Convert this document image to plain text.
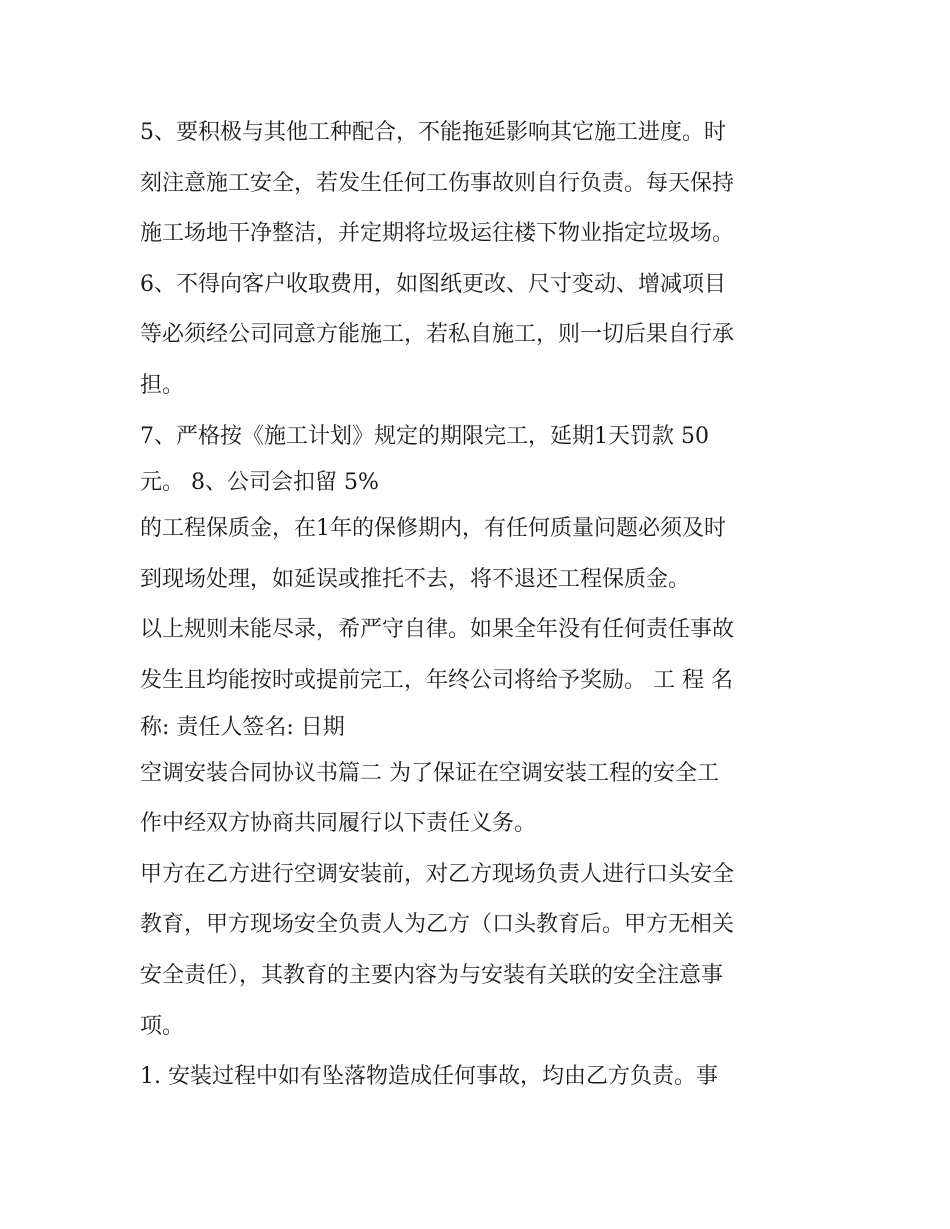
5、要积极与其他工种配合，不能拖延影响其它施工进度。时
刻注意施工安全，若发生任何工伤事故则自行负责。每天保持
施工场地干净整洁，并定期将垃圾运往楼下物业指定垃圾场。
6、不得向客户收取费用，如图纸更改、尺寸变动、增减项目
等必须经公司同意方能施工，若私自施工，则一切后果自行承
担。
7、严格按《施工计划》规定的期限完工，延期1天罚款 50
元。 8、公司会扣留 5%
的工程保质金，在1年的保修期内，有任何质量问题必须及时
到现场处理，如延误或推托不去，将不退还工程保质金。
以上规则未能尽录，希严守自律。如果全年没有任何责任事故
发生且均能按时或提前完工，年终公司将给予奖励。 工 程 名
称: 责任人签名: 日期
空调安装合同协议书篇二 为了保证在空调安装工程的安全工
作中经双方协商共同履行以下责任义务。
甲方在乙方进行空调安装前，对乙方现场负责人进行口头安全
教育，甲方现场安全负责人为乙方（口头教育后。甲方无相关
安全责任），其教育的主要内容为与安装有关联的安全注意事
项。
1. 安装过程中如有坠落物造成任何事故，均由乙方负责。事
